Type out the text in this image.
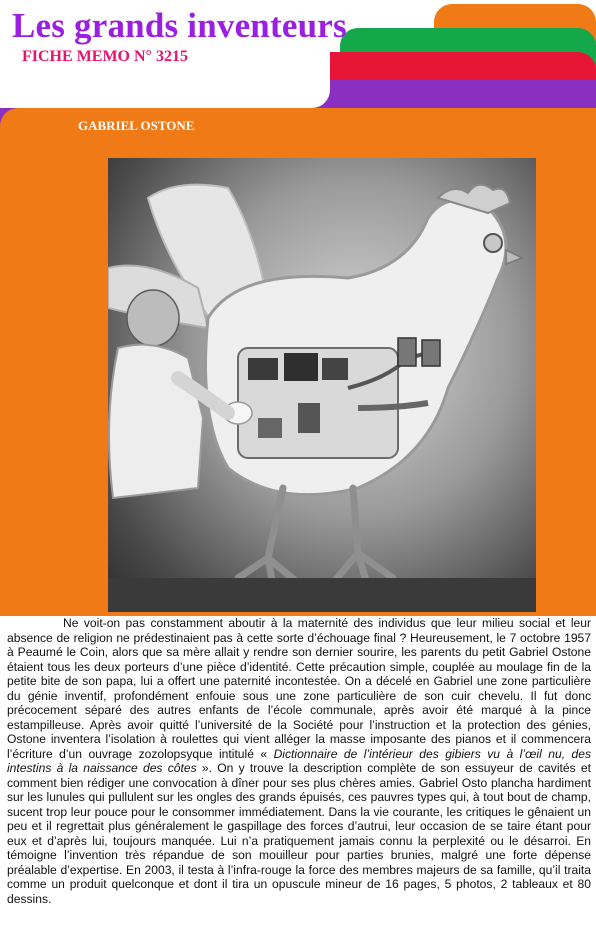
Les grands inventeurs
FICHE MEMO N° 3215
GABRIEL OSTONE

Ne voit-on pas constamment aboutir à la maternité des individus que leur milieu social et leur absence de religion ne prédestinaient pas à cette sorte d’échouage final ? Heureusement, le 7 octobre 1957 à Peaumé le Coin, alors que sa mère allait y rendre son dernier sourire, les parents du petit Gabriel Ostone étaient tous les deux porteurs d’une pièce d’identité. Cette précaution simple, couplée au moulage fin de la petite bite de son papa, lui a offert une paternité incontestée. On a décelé en Gabriel une zone particulière du génie inventif, profondément enfouie sous une zone particulière de son cuir chevelu. Il fut donc précocement séparé des autres enfants de l’école communale, après avoir été marqué à la pince estampilleuse. Après avoir quitté l’université de la Société pour l’instruction et la protection des génies, Ostone inventera l’isolation à roulettes qui vient alléger la masse imposante des pianos et il commencera l’écriture d’un ouvrage zozolopsyque intitulé « Dictionnaire de l’intérieur des gibiers vu à l’œil nu, des intestins à la naissance des côtes ». On y trouve la description complète de son essuyeur de cavités et comment bien rédiger une convocation à dîner pour ses plus chères amies. Gabriel Osto plancha hardiment sur les lunules qui pullulent sur les ongles des grands épuisés, ces pauvres types qui, à tout bout de champ, sucent trop leur pouce pour le consommer immédiatement. Dans la vie courante, les critiques le gênaient un peu et il regrettait plus généralement le gaspillage des forces d’autrui, leur occasion de se taire étant pour eux et d’après lui, toujours manquée. Lui n’a pratiquement jamais connu la perplexité ou le désarroi. En témoigne l’invention très répandue de son mouilleur pour parties brunies, malgré une forte dépense préalable d’expertise. En 2003, il testa à l’infra-rouge la force des membres majeurs de sa famille, qu’il traita comme un produit quelconque et dont il tira un opuscule mineur de 16 pages, 5 photos, 2 tableaux et 80 dessins.
